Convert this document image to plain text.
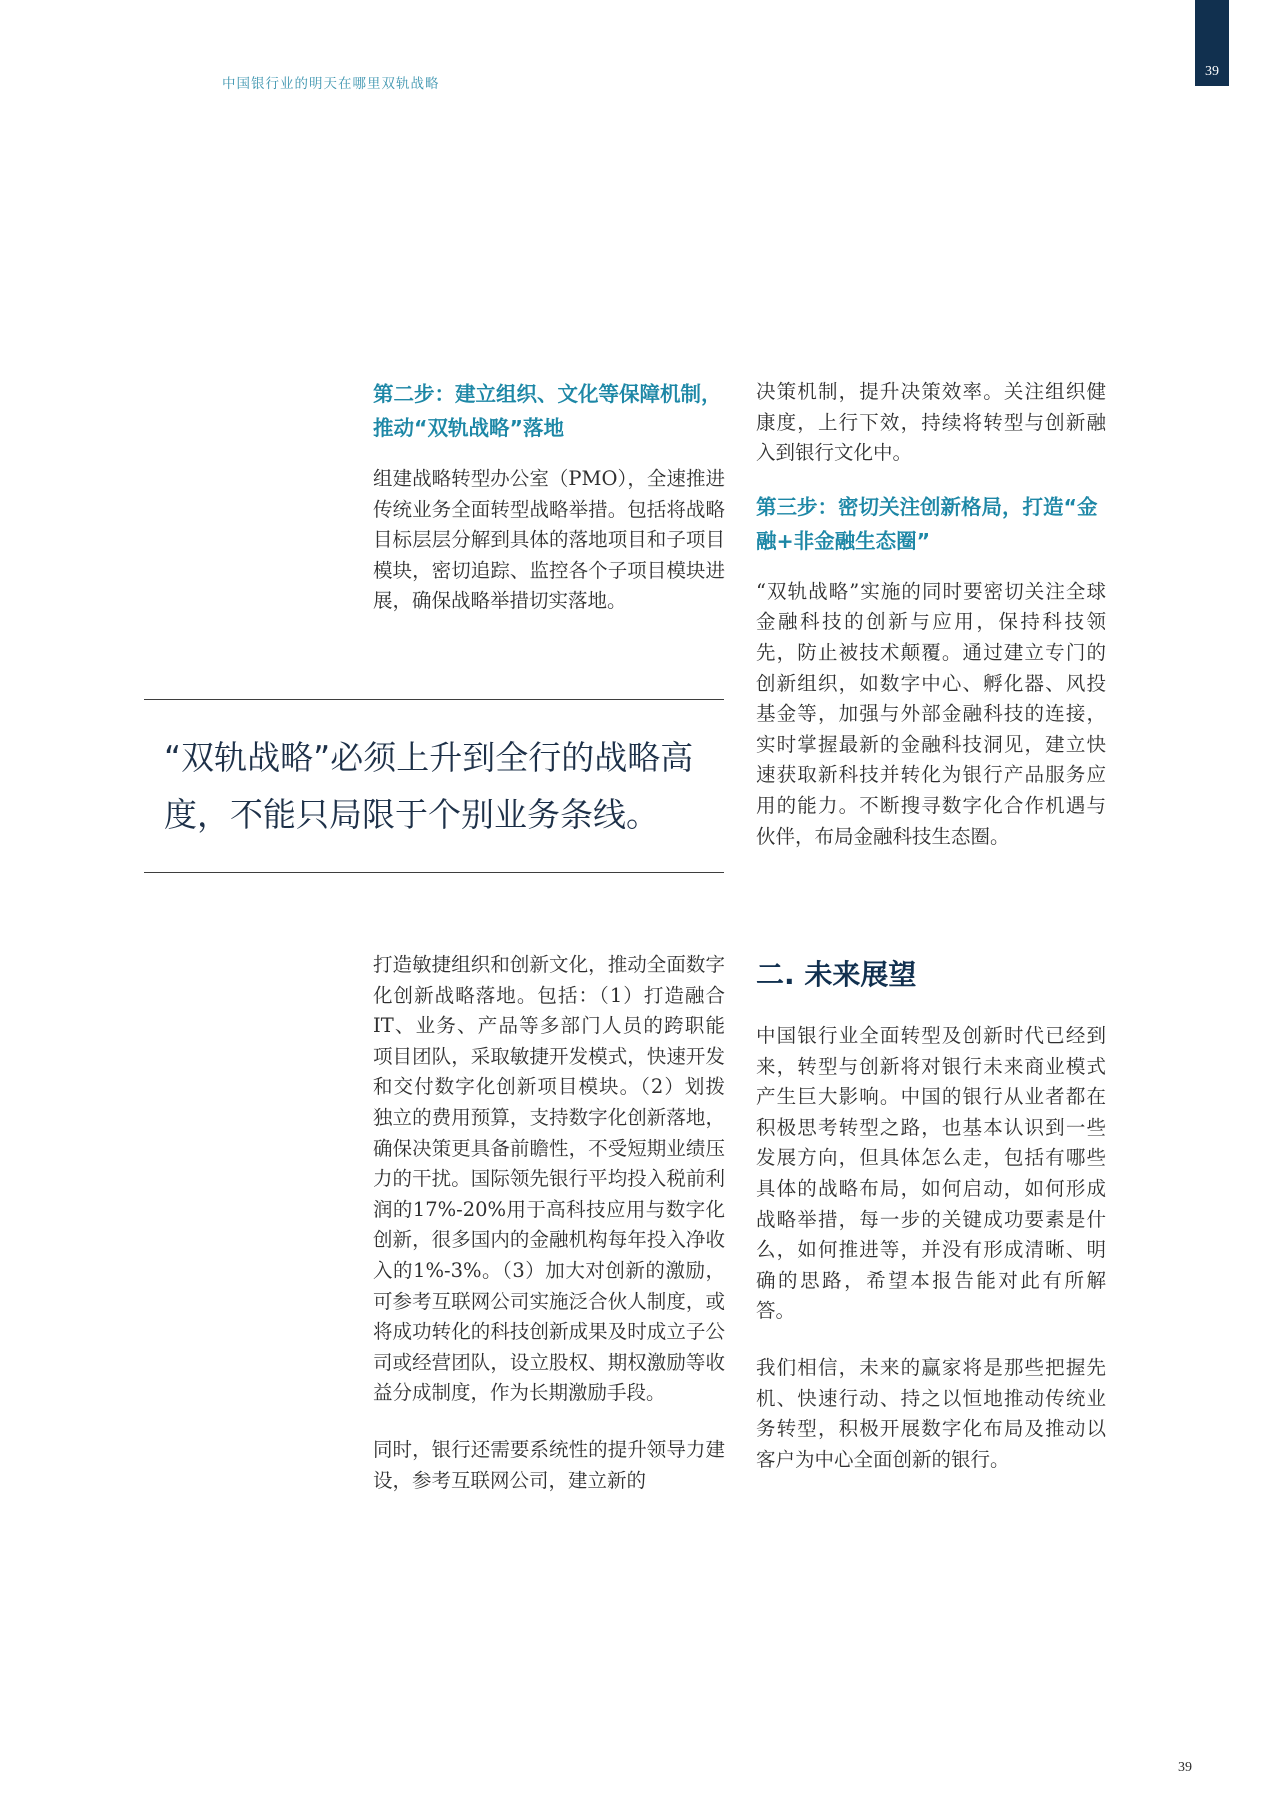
39
中国银行业的明天在哪里双轨战略

第二步：建立组织、文化等保障机制，推动“双轨战略”落地

组建战略转型办公室（PMO），全速推进传统业务全面转型战略举措。包括将战略目标层层分解到具体的落地项目和子项目模块，密切追踪、监控各个子项目模块进展，确保战略举措切实落地。

“双轨战略”必须上升到全行的战略高度，不能只局限于个别业务条线。

打造敏捷组织和创新文化，推动全面数字化创新战略落地。包括：（1）打造融合IT、业务、产品等多部门人员的跨职能项目团队，采取敏捷开发模式，快速开发和交付数字化创新项目模块。（2）划拨独立的费用预算，支持数字化创新落地，确保决策更具备前瞻性，不受短期业绩压力的干扰。国际领先银行平均投入税前利润的17%-20%用于高科技应用与数字化创新，很多国内的金融机构每年投入净收入的1%-3%。（3）加大对创新的激励，可参考互联网公司实施泛合伙人制度，或将成功转化的科技创新成果及时成立子公司或经营团队，设立股权、期权激励等收益分成制度，作为长期激励手段。

同时，银行还需要系统性的提升领导力建设，参考互联网公司，建立新的

决策机制，提升决策效率。关注组织健康度，上行下效，持续将转型与创新融入到银行文化中。

第三步：密切关注创新格局，打造“金融+非金融生态圈”

“双轨战略”实施的同时要密切关注全球金融科技的创新与应用，保持科技领先，防止被技术颠覆。通过建立专门的创新组织，如数字中心、孵化器、风投基金等，加强与外部金融科技的连接，实时掌握最新的金融科技洞见，建立快速获取新科技并转化为银行产品服务应用的能力。不断搜寻数字化合作机遇与伙伴，布局金融科技生态圈。

二. 未来展望

中国银行业全面转型及创新时代已经到来，转型与创新将对银行未来商业模式产生巨大影响。中国的银行从业者都在积极思考转型之路，也基本认识到一些发展方向，但具体怎么走，包括有哪些具体的战略布局，如何启动，如何形成战略举措，每一步的关键成功要素是什么，如何推进等，并没有形成清晰、明确的思路，希望本报告能对此有所解答。

我们相信，未来的赢家将是那些把握先机、快速行动、持之以恒地推动传统业务转型，积极开展数字化布局及推动以客户为中心全面创新的银行。

39
